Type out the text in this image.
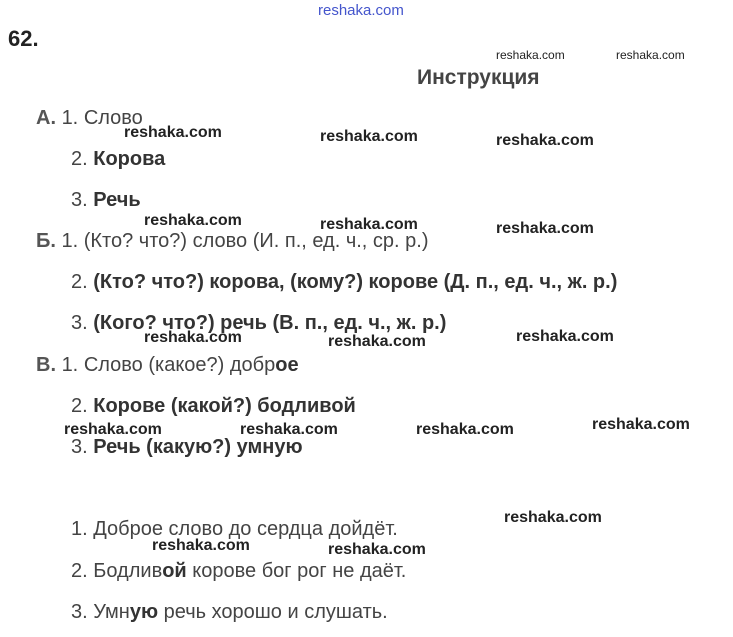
62.
reshaka.com
Инструкция
А. 1. Слово
2. Корова
3. Речь
Б. 1. (Кто? что?) слово (И. п., ед. ч., ср. р.)
2. (Кто? что?) корова, (кому?) корове (Д. п., ед. ч., ж. р.)
3. (Кого? что?) речь (В. п., ед. ч., ж. р.)
В. 1. Слово (какое?) доброе
2. Корове (какой?) бодливой
3. Речь (какую?) умную
1. Доброе слово до сердца дойдёт.
2. Бодливой корове бог рог не даёт.
3. Умную речь хорошо и слушать.
reshaka.com	reshaka.com
reshaka.com	reshaka.com	reshaka.com
reshaka.com	reshaka.com	reshaka.com
reshaka.com	reshaka.com	reshaka.com
reshaka.com	reshaka.com	reshaka.com	reshaka.com
reshaka.com
reshaka.com	reshaka.com
